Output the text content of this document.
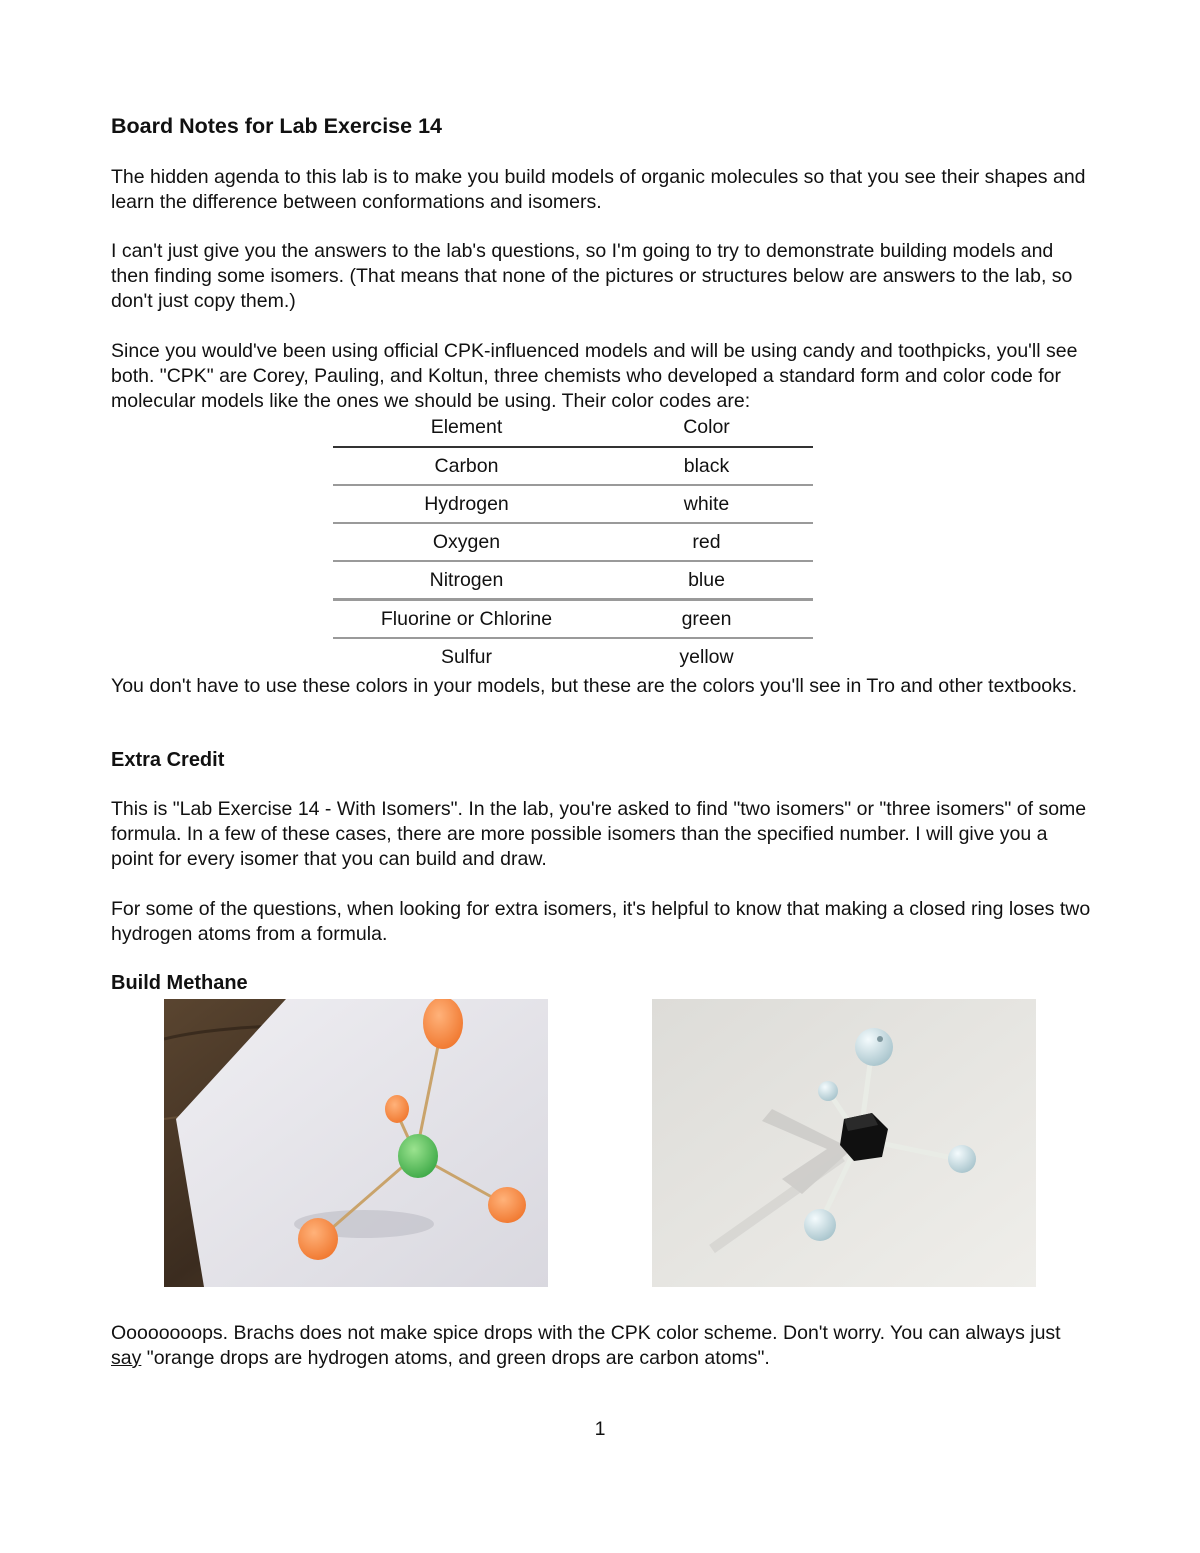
Board Notes for Lab Exercise 14

The hidden agenda to this lab is to make you build models of organic molecules so that you see their shapes and learn the difference between conformations and isomers.

I can't just give you the answers to the lab's questions, so I'm going to try to demonstrate building models and then finding some isomers. (That means that none of the pictures or structures below are answers to the lab, so don't just copy them.)

Since you would've been using official CPK-influenced models and will be using candy and toothpicks, you'll see both. "CPK" are Corey, Pauling, and Koltun, three chemists who developed a standard form and color code for molecular models like the ones we should be using. Their color codes are:

Element	Color
Carbon	black
Hydrogen	white
Oxygen	red
Nitrogen	blue
Fluorine or Chlorine	green
Sulfur	yellow

You don't have to use these colors in your models, but these are the colors you'll see in Tro and other textbooks.

Extra Credit

This is "Lab Exercise 14 - With Isomers". In the lab, you're asked to find "two isomers" or "three isomers" of some formula. In a few of these cases, there are more possible isomers than the specified number. I will give you a point for every isomer that you can build and draw.

For some of the questions, when looking for extra isomers, it's helpful to know that making a closed ring loses two hydrogen atoms from a formula.

Build Methane

Oooooooops. Brachs does not make spice drops with the CPK color scheme. Don't worry. You can always just say "orange drops are hydrogen atoms, and green drops are carbon atoms".

1
